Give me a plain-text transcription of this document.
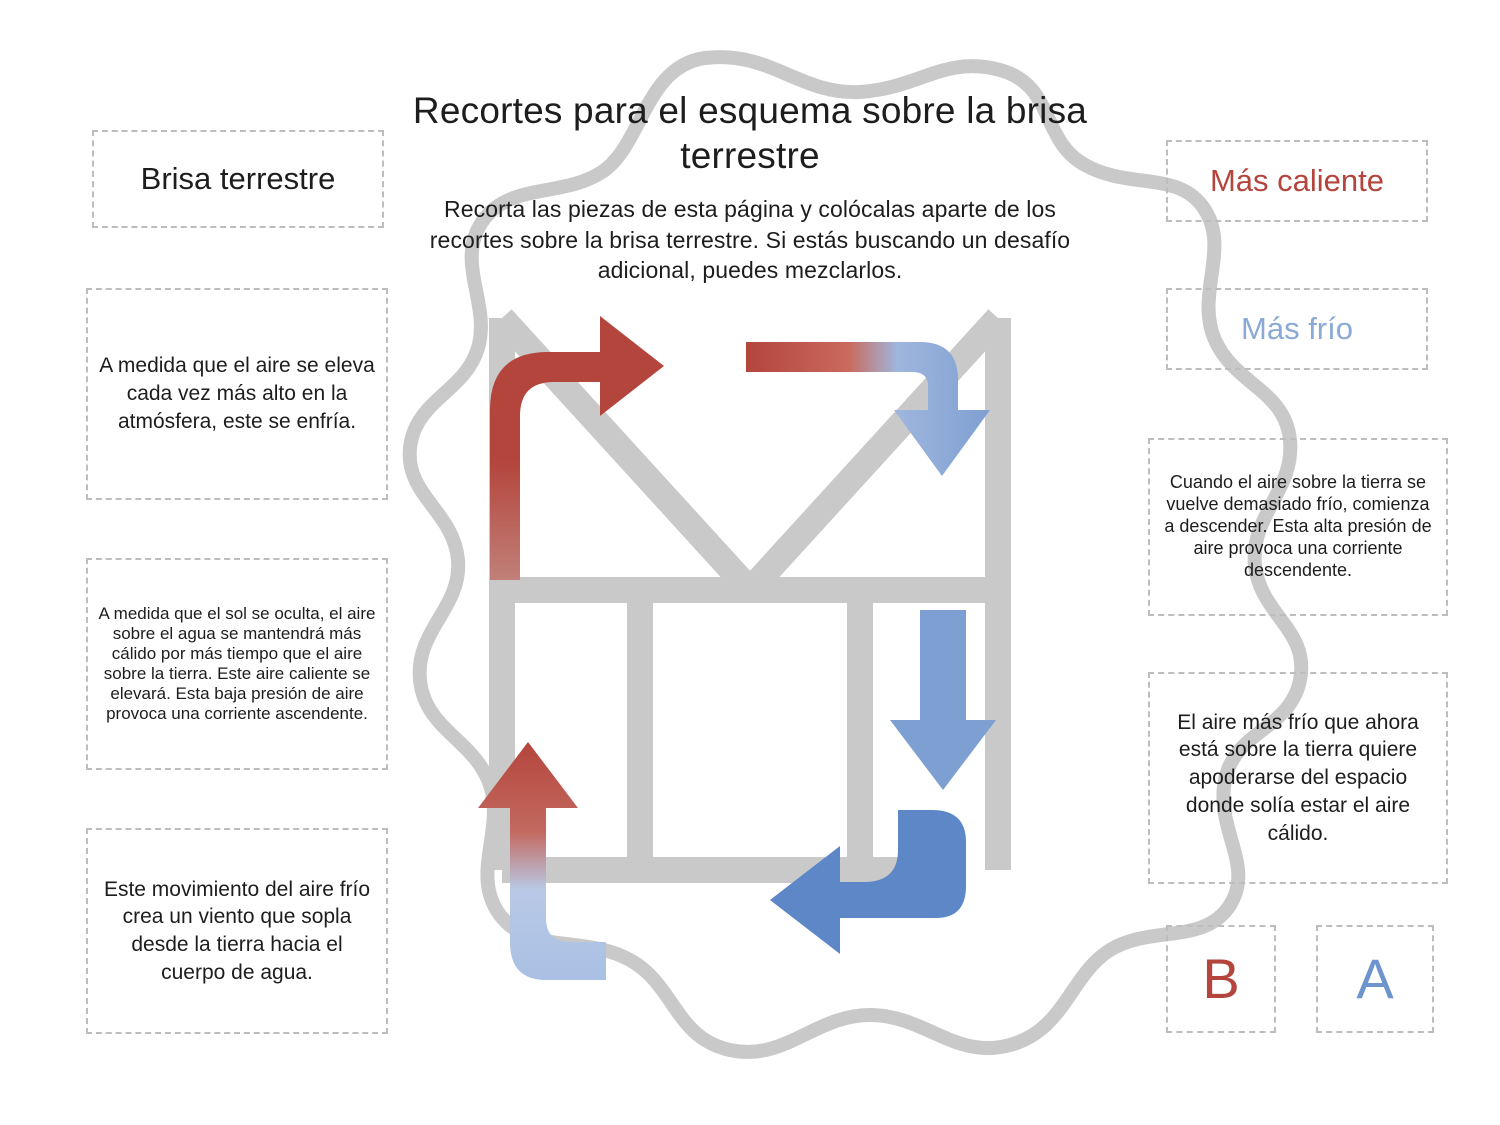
Recortes para el esquema sobre la brisa terrestre
Recorta las piezas de esta página y colócalas aparte de los recortes sobre la brisa terrestre. Si estás buscando un desafío adicional, puedes mezclarlos.
Brisa terrestre
A medida que el aire se eleva cada vez más alto en la atmósfera, este se enfría.
A medida que el sol se oculta, el aire sobre el agua se mantendrá más cálido por más tiempo que el aire sobre la tierra. Este aire caliente se elevará. Esta baja presión de aire provoca una corriente ascendente.
Este movimiento del aire frío crea un viento que sopla desde la tierra hacia el cuerpo de agua.
Más caliente
Más frío
Cuando el aire sobre la tierra se vuelve demasiado frío, comienza a descender. Esta alta presión de aire provoca una corriente descendente.
El aire más frío que ahora está sobre la tierra quiere apoderarse del espacio donde solía estar el aire cálido.
B	A
